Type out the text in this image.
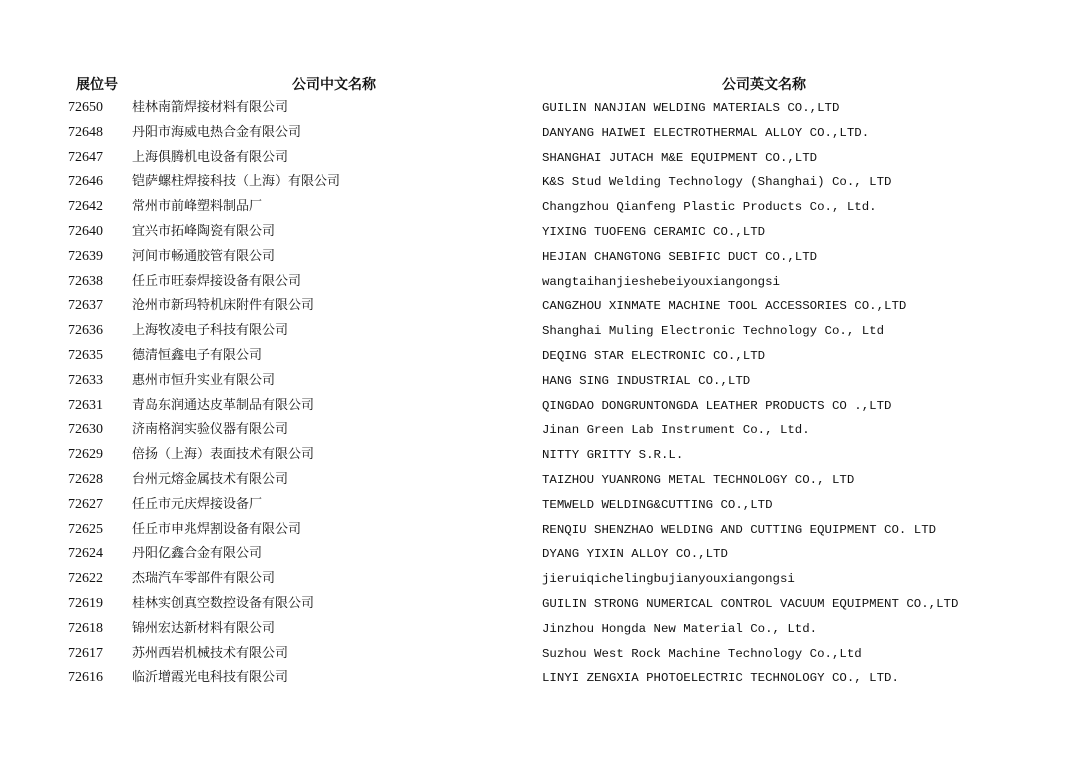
展位号	公司中文名称	公司英文名称
72650 桂林南箭焊接材料有限公司	GUILIN NANJIAN WELDING MATERIALS CO.,LTD
72648 丹阳市海威电热合金有限公司	DANYANG HAIWEI ELECTROTHERMAL ALLOY CO.,LTD.
72647 上海俱腾机电设备有限公司	SHANGHAI JUTACH M&E EQUIPMENT CO.,LTD
72646 铠萨螺柱焊接科技（上海）有限公司	K&S Stud Welding Technology (Shanghai) Co., LTD
72642 常州市前峰塑料制品厂	Changzhou Qianfeng Plastic Products Co., Ltd.
72640 宜兴市拓峰陶瓷有限公司	YIXING TUOFENG CERAMIC CO.,LTD
72639 河间市畅通胶管有限公司	HEJIAN CHANGTONG SEBIFIC DUCT CO.,LTD
72638 任丘市旺泰焊接设备有限公司	wangtaihanjieshebeiyouxiangongsi
72637 沧州市新玛特机床附件有限公司	CANGZHOU XINMATE MACHINE TOOL ACCESSORIES CO.,LTD
72636 上海牧凌电子科技有限公司	Shanghai Muling Electronic Technology Co., Ltd
72635 德清恒鑫电子有限公司	DEQING STAR ELECTRONIC CO.,LTD
72633 惠州市恒升实业有限公司	HANG SING INDUSTRIAL CO.,LTD
72631 青岛东润通达皮革制品有限公司	QINGDAO DONGRUNTONGDA LEATHER PRODUCTS CO .,LTD
72630 济南格润实验仪器有限公司	Jinan Green Lab Instrument Co., Ltd.
72629 倍扬（上海）表面技术有限公司	NITTY GRITTY S.R.L.
72628 台州元熔金属技术有限公司	TAIZHOU YUANRONG METAL TECHNOLOGY CO., LTD
72627 任丘市元庆焊接设备厂	TEMWELD WELDING&CUTTING CO.,LTD
72625 任丘市申兆焊割设备有限公司	RENQIU SHENZHAO WELDING AND CUTTING EQUIPMENT CO. LTD
72624 丹阳亿鑫合金有限公司	DYANG YIXIN ALLOY CO.,LTD
72622 杰瑞汽车零部件有限公司	jieruiqichelingbujianyouxiangongsi
72619 桂林实创真空数控设备有限公司	GUILIN STRONG NUMERICAL CONTROL VACUUM EQUIPMENT CO.,LTD
72618 锦州宏达新材料有限公司	Jinzhou Hongda New Material Co., Ltd.
72617 苏州西岩机械技术有限公司	Suzhou West Rock Machine Technology Co.,Ltd
72616 临沂增霞光电科技有限公司	LINYI ZENGXIA PHOTOELECTRIC TECHNOLOGY CO., LTD.
